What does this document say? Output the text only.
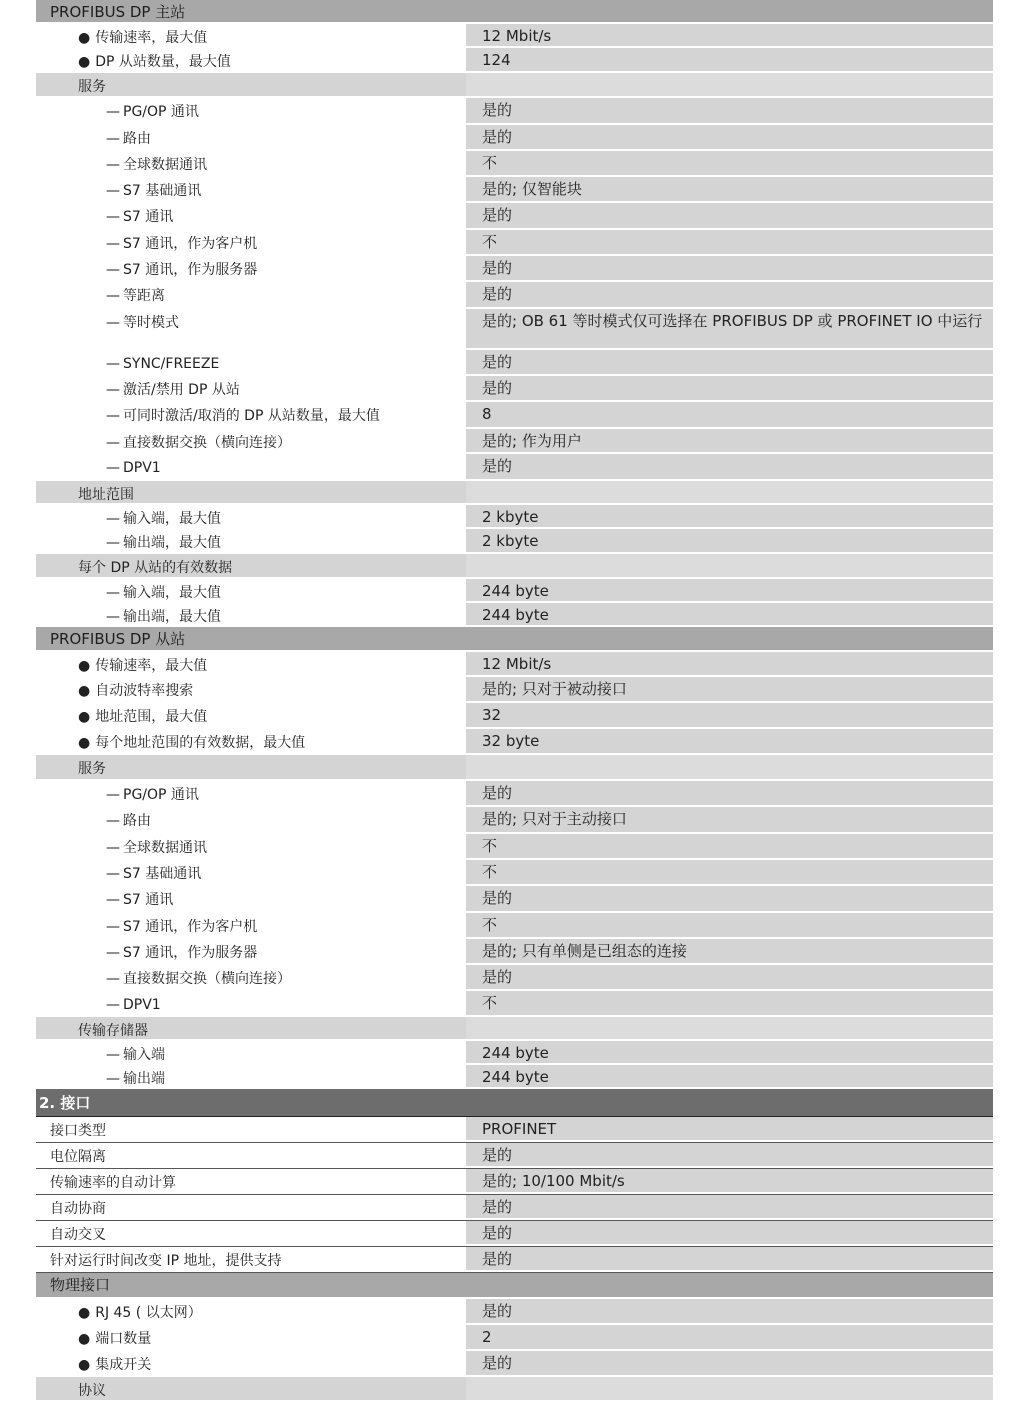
PROFIBUS DP 主站
● 传输速率，最大值	12 Mbit/s
● DP 从站数量，最大值	124
服务
— PG/OP 通讯	是的
— 路由	是的
— 全球数据通讯	不
— S7 基础通讯	是的; 仅智能块
— S7 通讯	是的
— S7 通讯，作为客户机	不
— S7 通讯，作为服务器	是的
— 等距离	是的
— 等时模式	是的; OB 61 等时模式仅可选择在 PROFIBUS DP 或 PROFINET IO 中运行
— SYNC/FREEZE	是的
— 激活/禁用 DP 从站	是的
— 可同时激活/取消的 DP 从站数量，最大值	8
— 直接数据交换（横向连接）	是的; 作为用户
— DPV1	是的
地址范围
— 输入端，最大值	2 kbyte
— 输出端，最大值	2 kbyte
每个 DP 从站的有效数据
— 输入端，最大值	244 byte
— 输出端，最大值	244 byte
PROFIBUS DP 从站
● 传输速率，最大值	12 Mbit/s
● 自动波特率搜索	是的; 只对于被动接口
● 地址范围，最大值	32
● 每个地址范围的有效数据，最大值	32 byte
服务
— PG/OP 通讯	是的
— 路由	是的; 只对于主动接口
— 全球数据通讯	不
— S7 基础通讯	不
— S7 通讯	是的
— S7 通讯，作为客户机	不
— S7 通讯，作为服务器	是的; 只有单侧是已组态的连接
— 直接数据交换（横向连接）	是的
— DPV1	不
传输存储器
— 输入端	244 byte
— 输出端	244 byte
2. 接口
接口类型	PROFINET
电位隔离	是的
传输速率的自动计算	是的; 10/100 Mbit/s
自动协商	是的
自动交叉	是的
针对运行时间改变 IP 地址，提供支持	是的
物理接口
● RJ 45 ( 以太网）	是的
● 端口数量	2
● 集成开关	是的
协议
